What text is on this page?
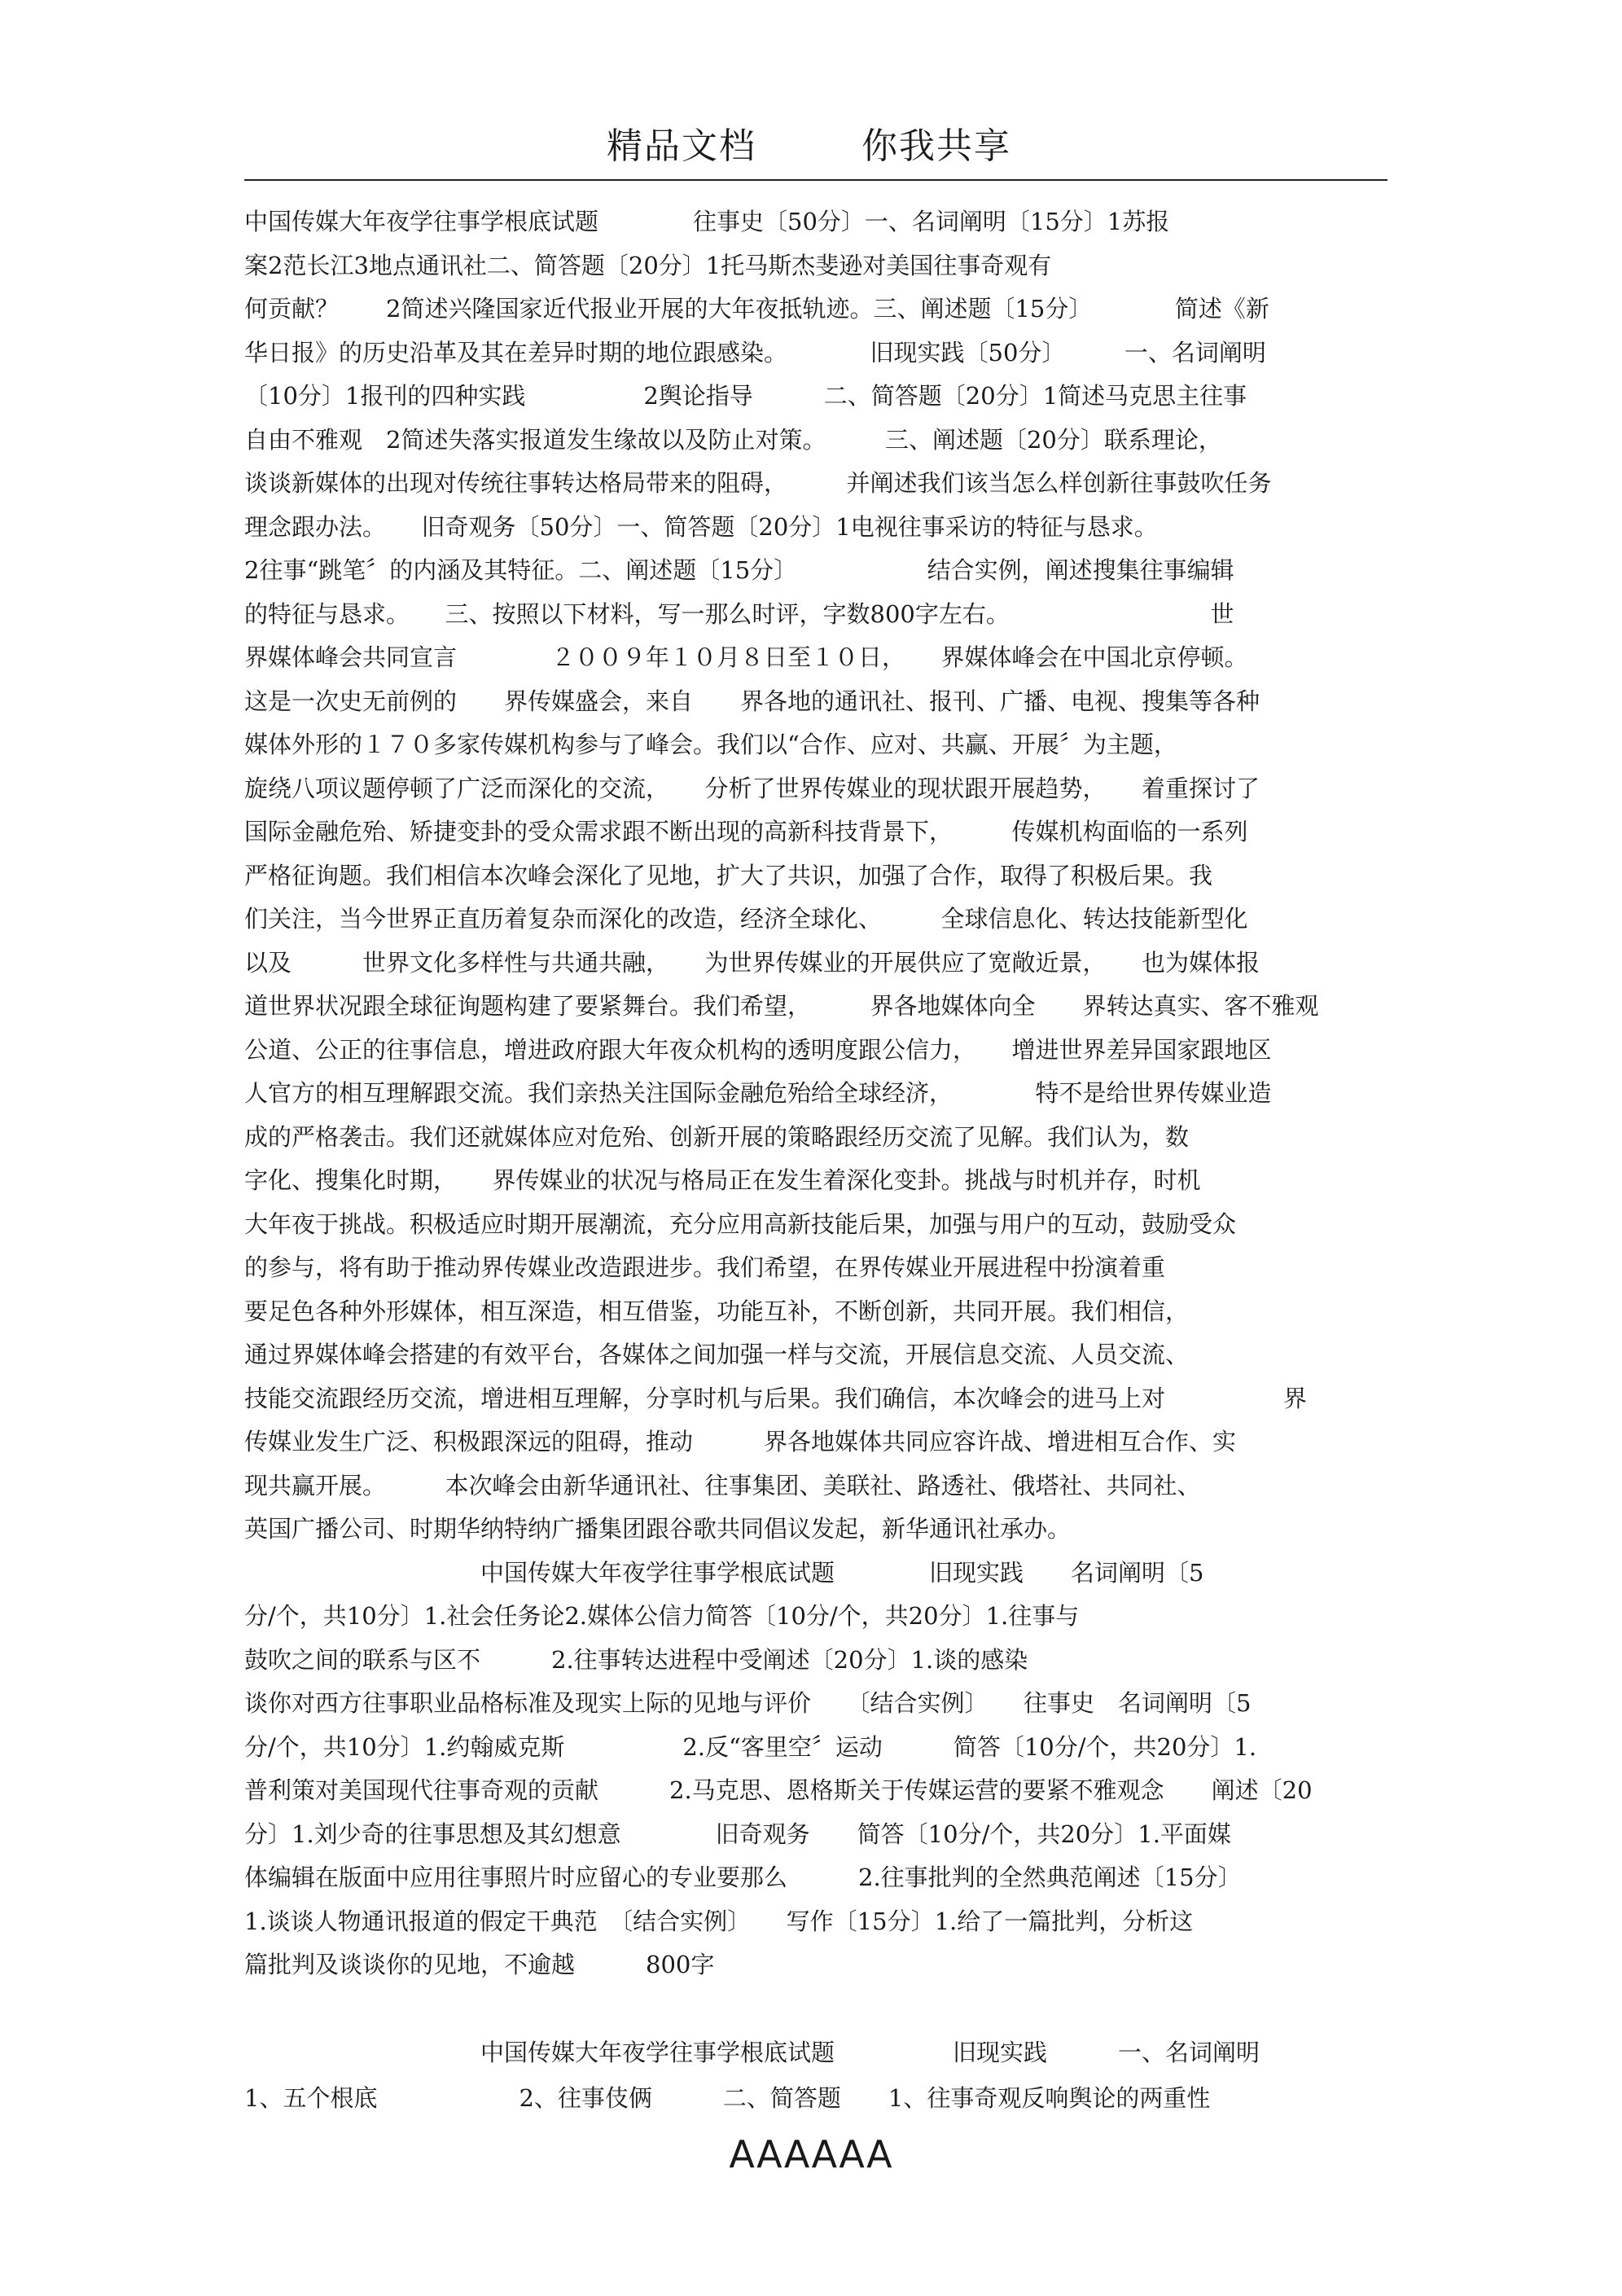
精品文档	你我共享
中国传媒大年夜学往事学根底试题　　　　往事史〔50分〕一、名词阐明〔15分〕1苏报
案2范长江3地点通讯社二、简答题〔20分〕1托马斯杰斐逊对美国往事奇观有
何贡献？　　2简述兴隆国家近代报业开展的大年夜抵轨迹。三、阐述题〔15分〕　　　　简述《新
华日报》的历史沿革及其在差异时期的地位跟感染。　　　　旧现实践〔50分〕　　　一、名词阐明
〔10分〕1报刊的四种实践　　　　　2舆论指导　　　二、简答题〔20分〕1简述马克思主往事
自由不雅观　2简述失落实报道发生缘故以及防止对策。　　　三、阐述题〔20分〕联系理论，
谈谈新媒体的出现对传统往事转达格局带来的阻碍，　　　并阐述我们该当怎么样创新往事鼓吹任务
理念跟办法。　　旧奇观务〔50分〕一、简答题〔20分〕1电视往事采访的特征与恳求。
2往事“跳笔〞的内涵及其特征。二、阐述题〔15分〕　　　　　　结合实例，阐述搜集往事编辑
的特征与恳求。　　三、按照以下材料，写一那么时评，字数800字左右。　　　　　　　　　世
界媒体峰会共同宣言　　　　２００９年１０月８日至１０日，　　界媒体峰会在中国北京停顿。
这是一次史无前例的　　界传媒盛会，来自　　界各地的通讯社、报刊、广播、电视、搜集等各种
媒体外形的１７０多家传媒机构参与了峰会。我们以“合作、应对、共赢、开展〞为主题，
旋绕八项议题停顿了广泛而深化的交流，　　分析了世界传媒业的现状跟开展趋势，　　着重探讨了
国际金融危殆、矫捷变卦的受众需求跟不断出现的高新科技背景下，　　　传媒机构面临的一系列
严格征询题。我们相信本次峰会深化了见地，扩大了共识，加强了合作，取得了积极后果。我
们关注，当今世界正直历着复杂而深化的改造，经济全球化、　　　全球信息化、转达技能新型化
以及　　　世界文化多样性与共通共融，　　为世界传媒业的开展供应了宽敞近景，　　也为媒体报
道世界状况跟全球征询题构建了要紧舞台。我们希望，　　　界各地媒体向全　　界转达真实、客不雅观
公道、公正的往事信息，增进政府跟大年夜众机构的透明度跟公信力，　　增进世界差异国家跟地区
人官方的相互理解跟交流。我们亲热关注国际金融危殆给全球经济，　　　　特不是给世界传媒业造
成的严格袭击。我们还就媒体应对危殆、创新开展的策略跟经历交流了见解。我们认为，数
字化、搜集化时期，　　界传媒业的状况与格局正在发生着深化变卦。挑战与时机并存，时机
大年夜于挑战。积极适应时期开展潮流，充分应用高新技能后果，加强与用户的互动，鼓励受众
的参与，将有助于推动界传媒业改造跟进步。我们希望，在界传媒业开展进程中扮演着重
要足色各种外形媒体，相互深造，相互借鉴，功能互补，不断创新，共同开展。我们相信，
通过界媒体峰会搭建的有效平台，各媒体之间加强一样与交流，开展信息交流、人员交流、
技能交流跟经历交流，增进相互理解，分享时机与后果。我们确信，本次峰会的进马上对　　　　　界
传媒业发生广泛、积极跟深远的阻碍，推动　　　界各地媒体共同应容许战、增进相互合作、实
现共赢开展。　　　本次峰会由新华通讯社、往事集团、美联社、路透社、俄塔社、共同社、
英国广播公司、时期华纳特纳广播集团跟谷歌共同倡议发起，新华通讯社承办。
　　　　　　　　　　中国传媒大年夜学往事学根底试题　　　　旧现实践　　名词阐明〔5
分/个，共10分〕1.社会任务论2.媒体公信力简答〔10分/个，共20分〕1.往事与
鼓吹之间的联系与区不　　　2.往事转达进程中受阐述〔20分〕1.谈的感染
谈你对西方往事职业品格标准及现实上际的见地与评价　　〔结合实例〕　　往事史　名词阐明〔5
分/个，共10分〕1.约翰威克斯　　　　　2.反“客里空〞运动　　　简答〔10分/个，共20分〕1.
普利策对美国现代往事奇观的贡献　　　2.马克思、恩格斯关于传媒运营的要紧不雅观念　　阐述〔20
分〕1.刘少奇的往事思想及其幻想意　　　　旧奇观务　　简答〔10分/个，共20分〕1.平面媒
体编辑在版面中应用往事照片时应留心的专业要那么　　　2.往事批判的全然典范阐述〔15分〕
1.谈谈人物通讯报道的假定干典范　〔结合实例〕　　写作〔15分〕1.给了一篇批判，分析这
篇批判及谈谈你的见地，不逾越　　　800字
　　　　　　　　　　中国传媒大年夜学往事学根底试题　　　　　旧现实践　　　一、名词阐明
1、五个根底　　　　　　2、往事伎俩　　　二、简答题　　1、往事奇观反响舆论的两重性
AAAAAA
